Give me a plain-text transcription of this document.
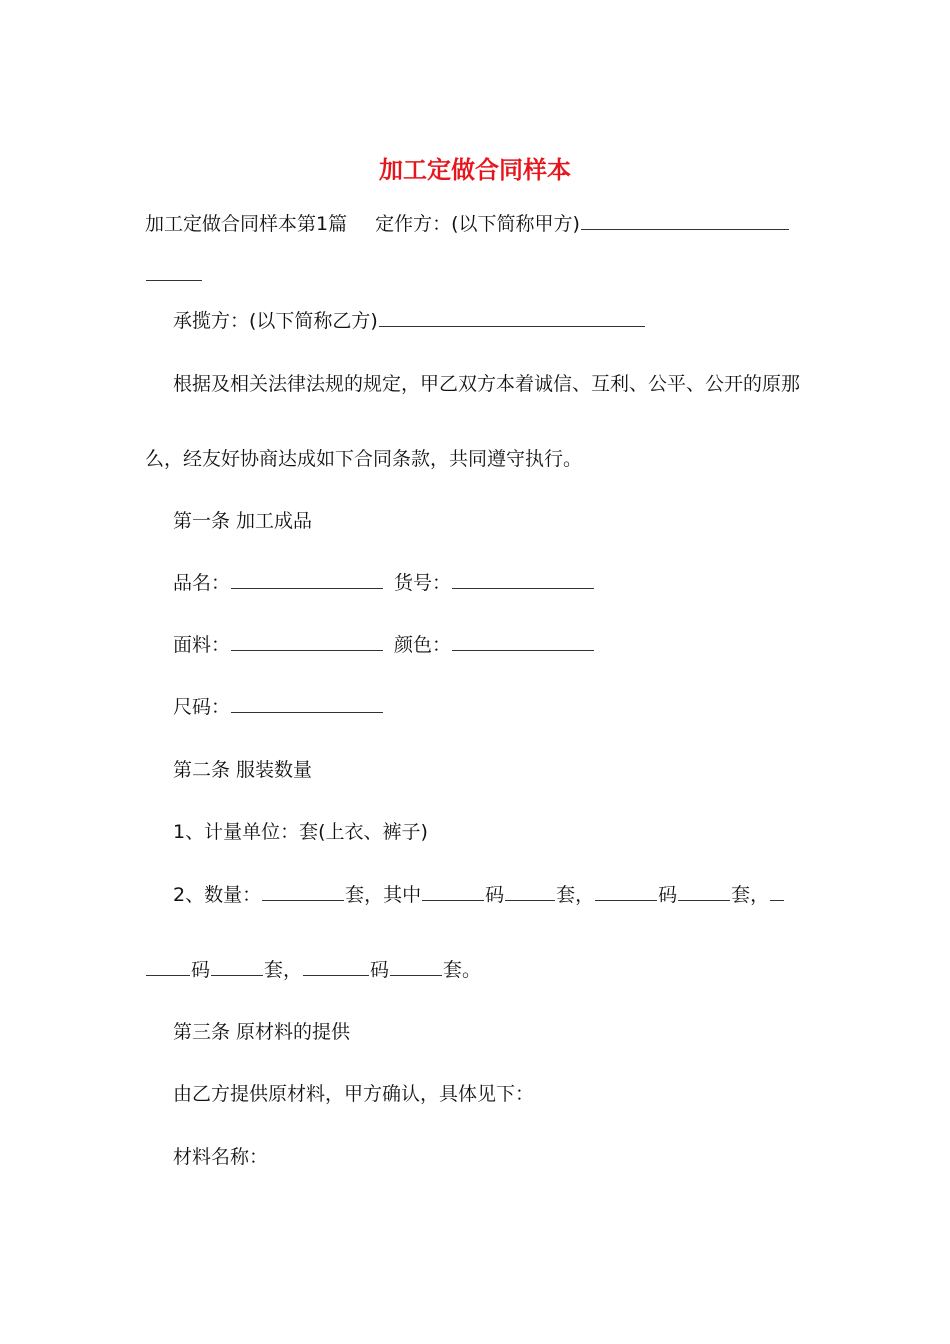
加工定做合同样本
加工定做合同样本第1篇 定作方：(以下简称甲方)
承揽方：(以下简称乙方)
根据及相关法律法规的规定，甲乙双方本着诚信、互利、公平、公开的原那
么，经友好协商达成如下合同条款，共同遵守执行。
第一条 加工成品
品名：	货号：
面料：	颜色：
尺码：
第二条 服装数量
1、计量单位：套(上衣、裤子)
2、数量：	套，其中	码	套，	码	套，
码	套，	码	套。
第三条 原材料的提供
由乙方提供原材料，甲方确认，具体见下：
材料名称：
